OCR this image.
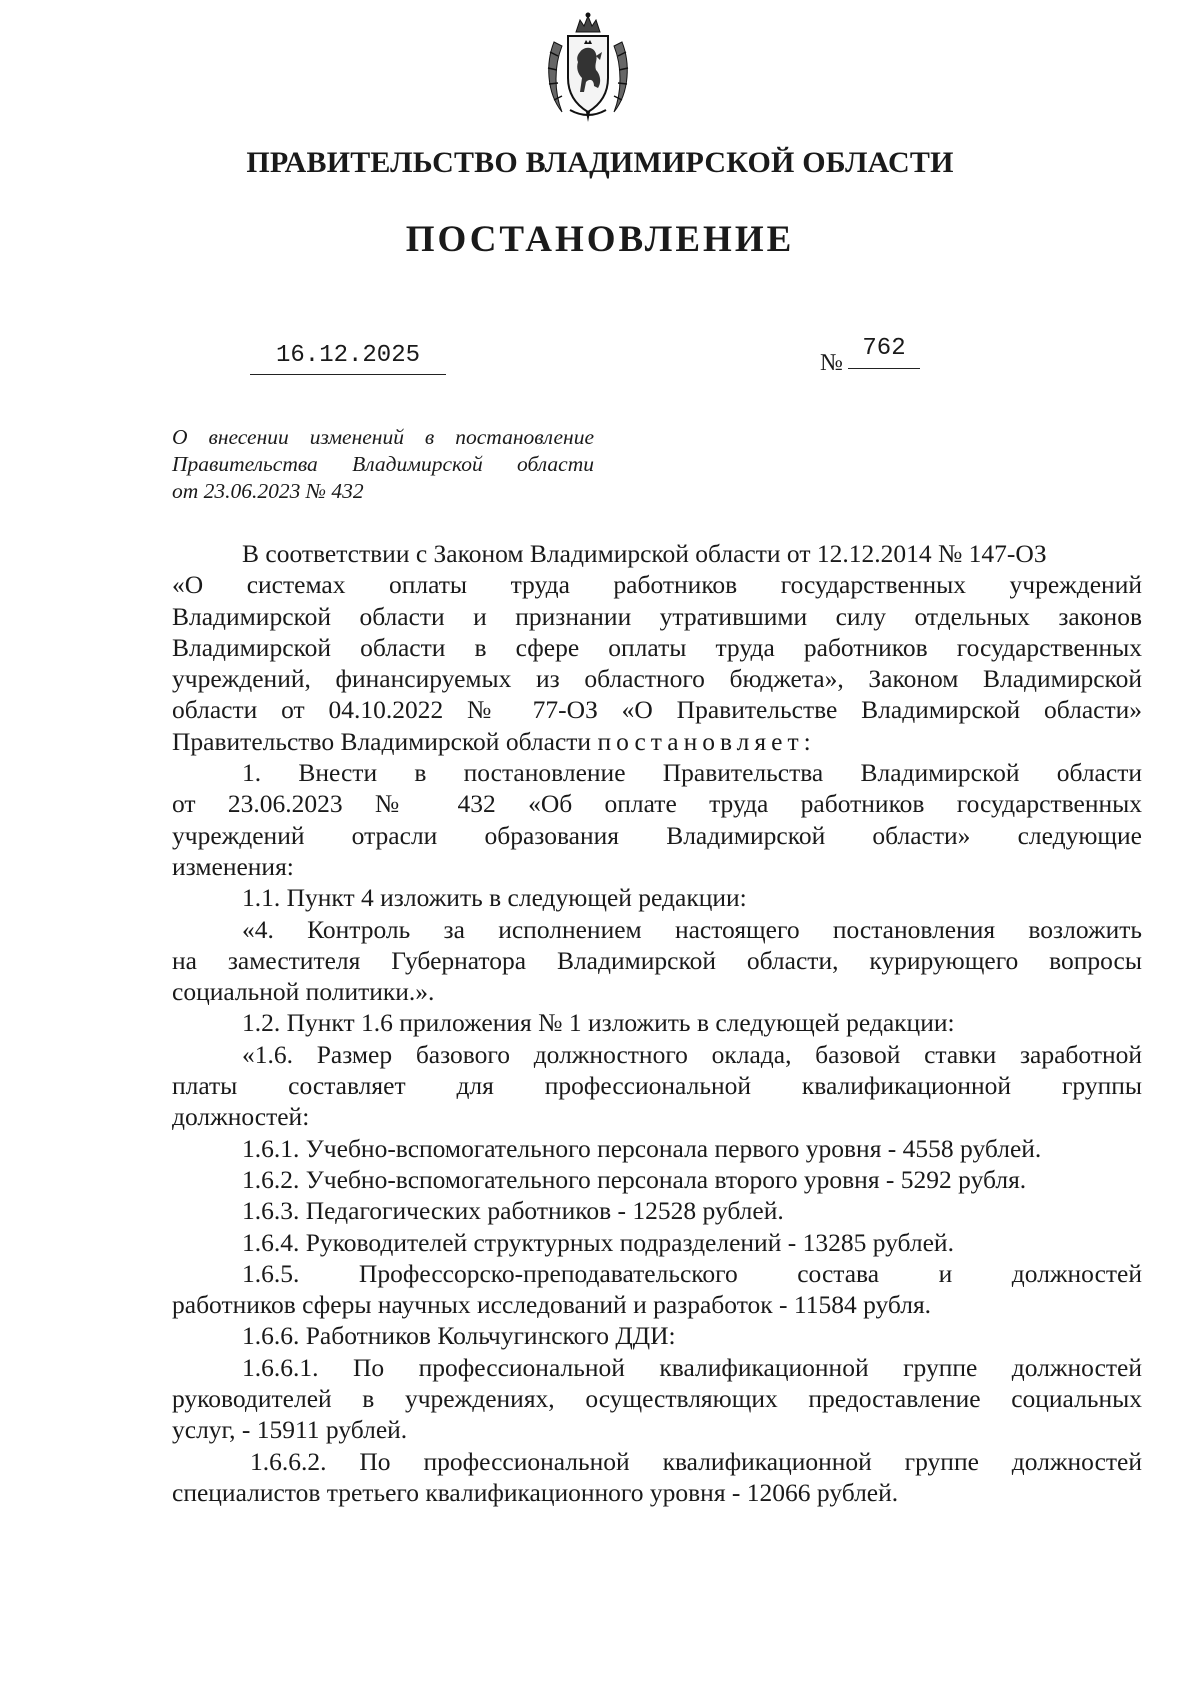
ПРАВИТЕЛЬСТВО ВЛАДИМИРСКОЙ ОБЛАСТИ
ПОСТАНОВЛЕНИЕ
16.12.2025	№
762
О внесении изменений в постановление
Правительства Владимирской области
от 23.06.2023 № 432
В соответствии с Законом Владимирской области от 12.12.2014 № 147-ОЗ
«О системах оплаты труда работников государственных учреждений
Владимирской области и признании утратившими силу отдельных законов
Владимирской области в сфере оплаты труда работников государственных
учреждений, финансируемых из областного бюджета», Законом Владимирской
области от 04.10.2022 № 77-ОЗ «О Правительстве Владимирской области»
Правительство Владимирской области постановляет:
1. Внести в постановление Правительства Владимирской области
от 23.06.2023 № 432 «Об оплате труда работников государственных
учреждений отрасли образования Владимирской области» следующие
изменения:
1.1. Пункт 4 изложить в следующей редакции:
«4. Контроль за исполнением настоящего постановления возложить
на заместителя Губернатора Владимирской области, курирующего вопросы
социальной политики.».
1.2. Пункт 1.6 приложения № 1 изложить в следующей редакции:
«1.6. Размер базового должностного оклада, базовой ставки заработной
платы составляет для профессиональной квалификационной группы
должностей:
1.6.1. Учебно-вспомогательного персонала первого уровня - 4558 рублей.
1.6.2. Учебно-вспомогательного персонала второго уровня - 5292 рубля.
1.6.3. Педагогических работников - 12528 рублей.
1.6.4. Руководителей структурных подразделений - 13285 рублей.
1.6.5. Профессорско-преподавательского состава и должностей
работников сферы научных исследований и разработок - 11584 рубля.
1.6.6. Работников Кольчугинского ДДИ:
1.6.6.1. По профессиональной квалификационной группе должностей
руководителей в учреждениях, осуществляющих предоставление социальных
услуг, - 15911 рублей.
1.6.6.2. По профессиональной квалификационной группе должностей
специалистов третьего квалификационного уровня - 12066 рублей.
